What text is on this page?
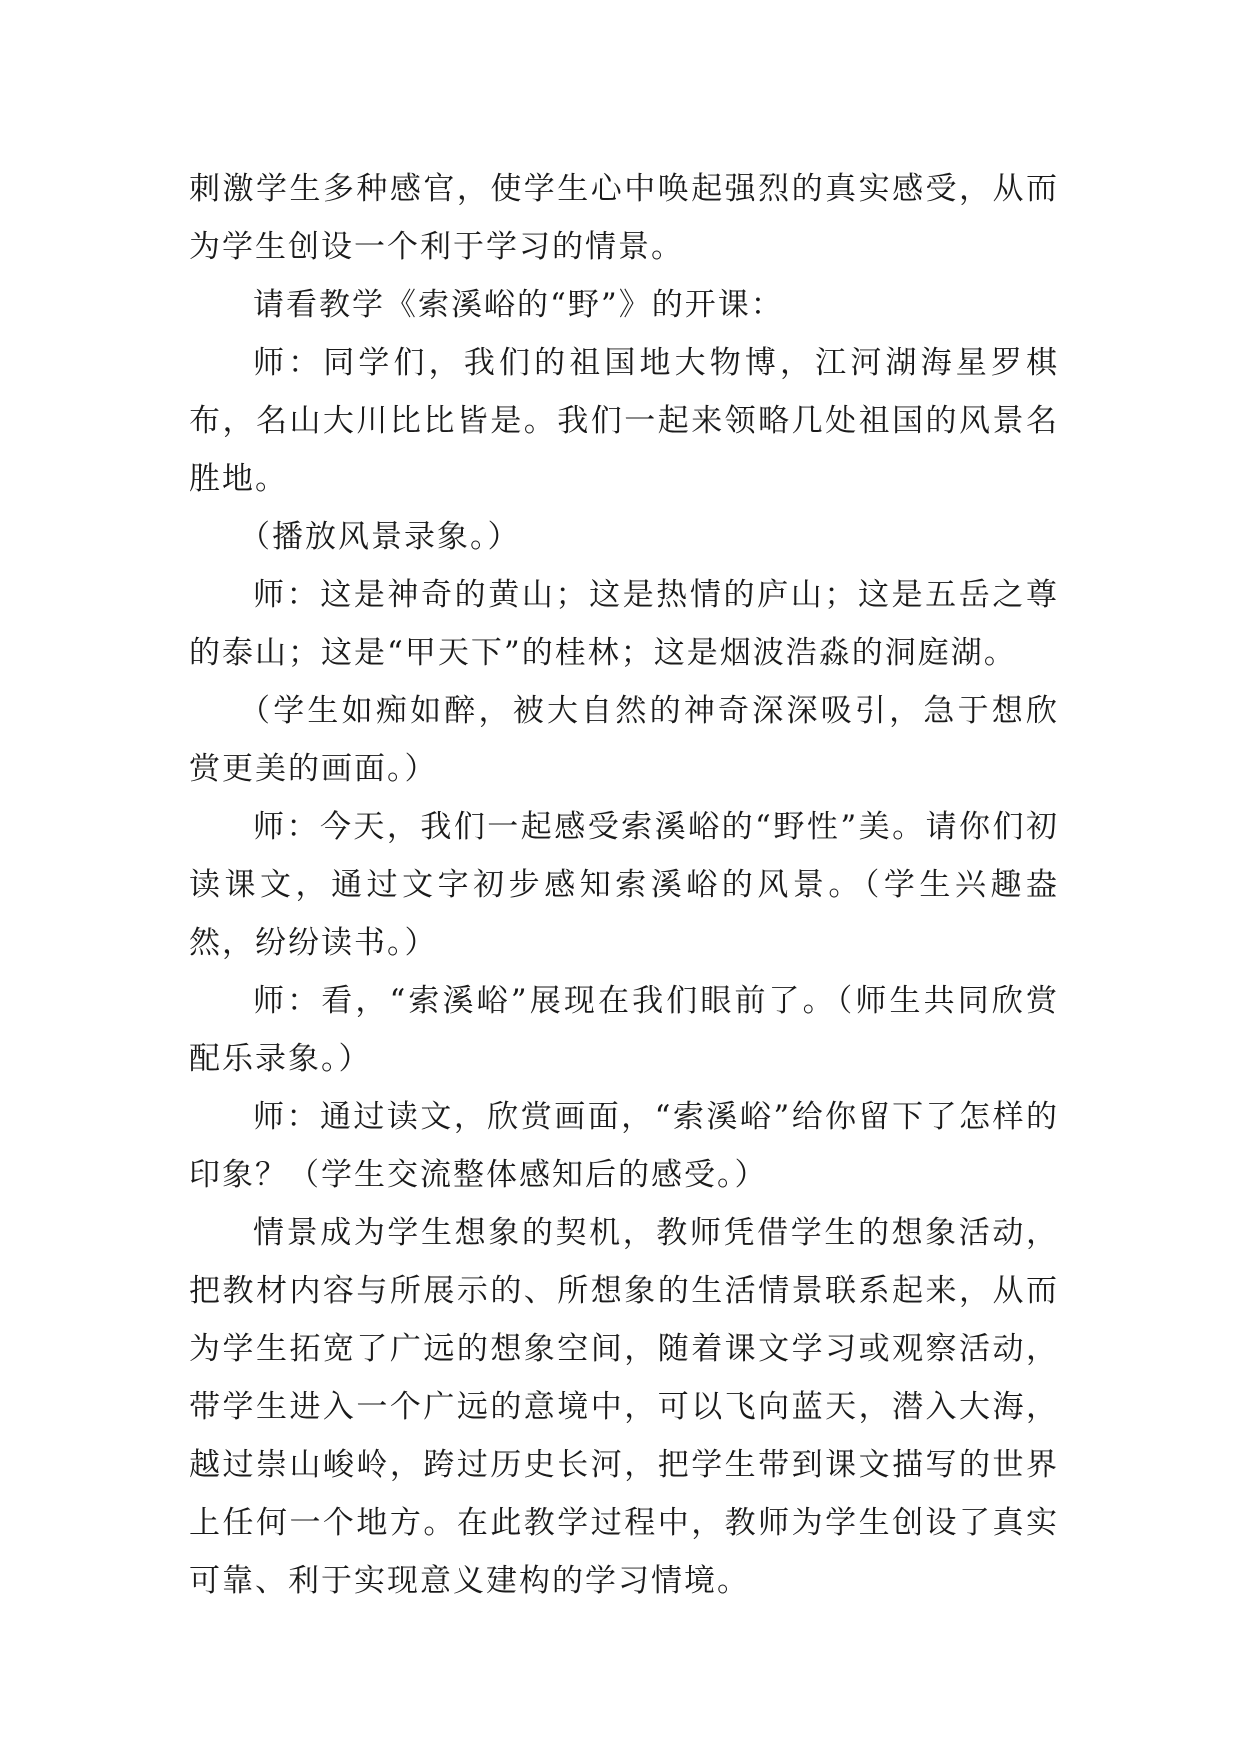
刺激学生多种感官，使学生心中唤起强烈的真实感受，从而为学生创设一个利于学习的情景。

请看教学《索溪峪的“野”》的开课：

师：同学们，我们的祖国地大物博，江河湖海星罗棋布，名山大川比比皆是。我们一起来领略几处祖国的风景名胜地。

（播放风景录象。）

师：这是神奇的黄山；这是热情的庐山；这是五岳之尊的泰山；这是“甲天下”的桂林；这是烟波浩淼的洞庭湖。

（学生如痴如醉，被大自然的神奇深深吸引，急于想欣赏更美的画面。）

师：今天，我们一起感受索溪峪的“野性”美。请你们初读课文，通过文字初步感知索溪峪的风景。（学生兴趣盎然，纷纷读书。）

师：看，“索溪峪”展现在我们眼前了。（师生共同欣赏配乐录象。）

师：通过读文，欣赏画面，“索溪峪”给你留下了怎样的印象？（学生交流整体感知后的感受。）

情景成为学生想象的契机，教师凭借学生的想象活动，把教材内容与所展示的、所想象的生活情景联系起来，从而为学生拓宽了广远的想象空间，随着课文学习或观察活动，带学生进入一个广远的意境中，可以飞向蓝天，潜入大海，越过崇山峻岭，跨过历史长河，把学生带到课文描写的世界上任何一个地方。在此教学过程中，教师为学生创设了真实可靠、利于实现意义建构的学习情境。
